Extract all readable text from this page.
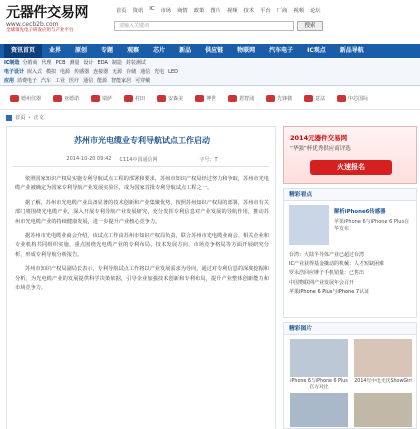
元器件交易网
www.cecb2b.com
全球领先电子研发应用与产业平台
首页	资讯	IC	市场	商情	政策	图片	视频	技术	平台	厂商	视频	论坛
请输入关键词	搜索
资讯首页	业界	原创	专题	观察	芯片	新品	供应链	物联网	汽车电子	IC观点	新品导航
IC制造 分销商 代理 PCB 测量 设计 EDA 制造 封装测试
电子设计 嵌入式 模拟 电源 传感器 连接器 无源 存储 通信 光电 LED
应用 消费电子 汽车 工业 医疗 通信 能源 智能家居 可穿戴
德州仪器	亚德诺	瑞萨	村田	安森美	博世	恩智浦	先锋微	意法	中芯国际
首页 › 正文
苏州市光电缆业专利导航试点工作启动
2014-10-20 09:42 C114中国通信网	字号：T

依照国家知识产权局实施专利导航试点工程的部署和要求，苏州市知识产权局经过努力和争取，苏州市光电缆产业被确定为国家专利导航产业发展实验区，成为国家首批专利导航试点工程之一。

据了解，苏州市光电缆产业具备显著的技术创新和产业集聚优势，按照苏州知识产权局的部署，苏州市有关部门将围绕光电缆产业，深入开展专利导航产业发展研究，充分发挥专利信息对产业发展的导航作用，推动苏州市光电缆产业的持续健康发展，进一步提升产业核心竞争力。

据苏州市光电缆业商会介绍，该试点工作由苏州市知识产权局负责，联合苏州市光电缆业商会、相关企业和专业机构共同组织实施，重点围绕光电缆产业的专利布局、技术发展方向、市场竞争格局等方面开展研究分析，形成专利导航分析报告。

苏州市知识产权局副局长表示，专利导航试点工作将以产业发展需求为导向，通过对专利信息的深度挖掘和分析，为光电缆产业的发展提供科学决策依据，引导企业加强技术创新和专利布局，提升产业整体创新能力和市场竞争力。

2014元器件交易网
“华强”杯优秀供应商评选
火速报名
精彩看点
解析iPhone6传感器
苹果iPhone 6与iPhone 6 Plus在华发布
台湾：大陆半导体产业已超过台湾
IC产业获得基金撬动的机械：人才短缺困难
罗永浩回应锤子手机销量：已售出
中国物联网产业发展年会召开
苹果iPhone 6 Plus与iPhone 7认证
精彩图片
iPhone 6与iPhone 6 Plus官方对比
2014年中电光伏ShowGirl
